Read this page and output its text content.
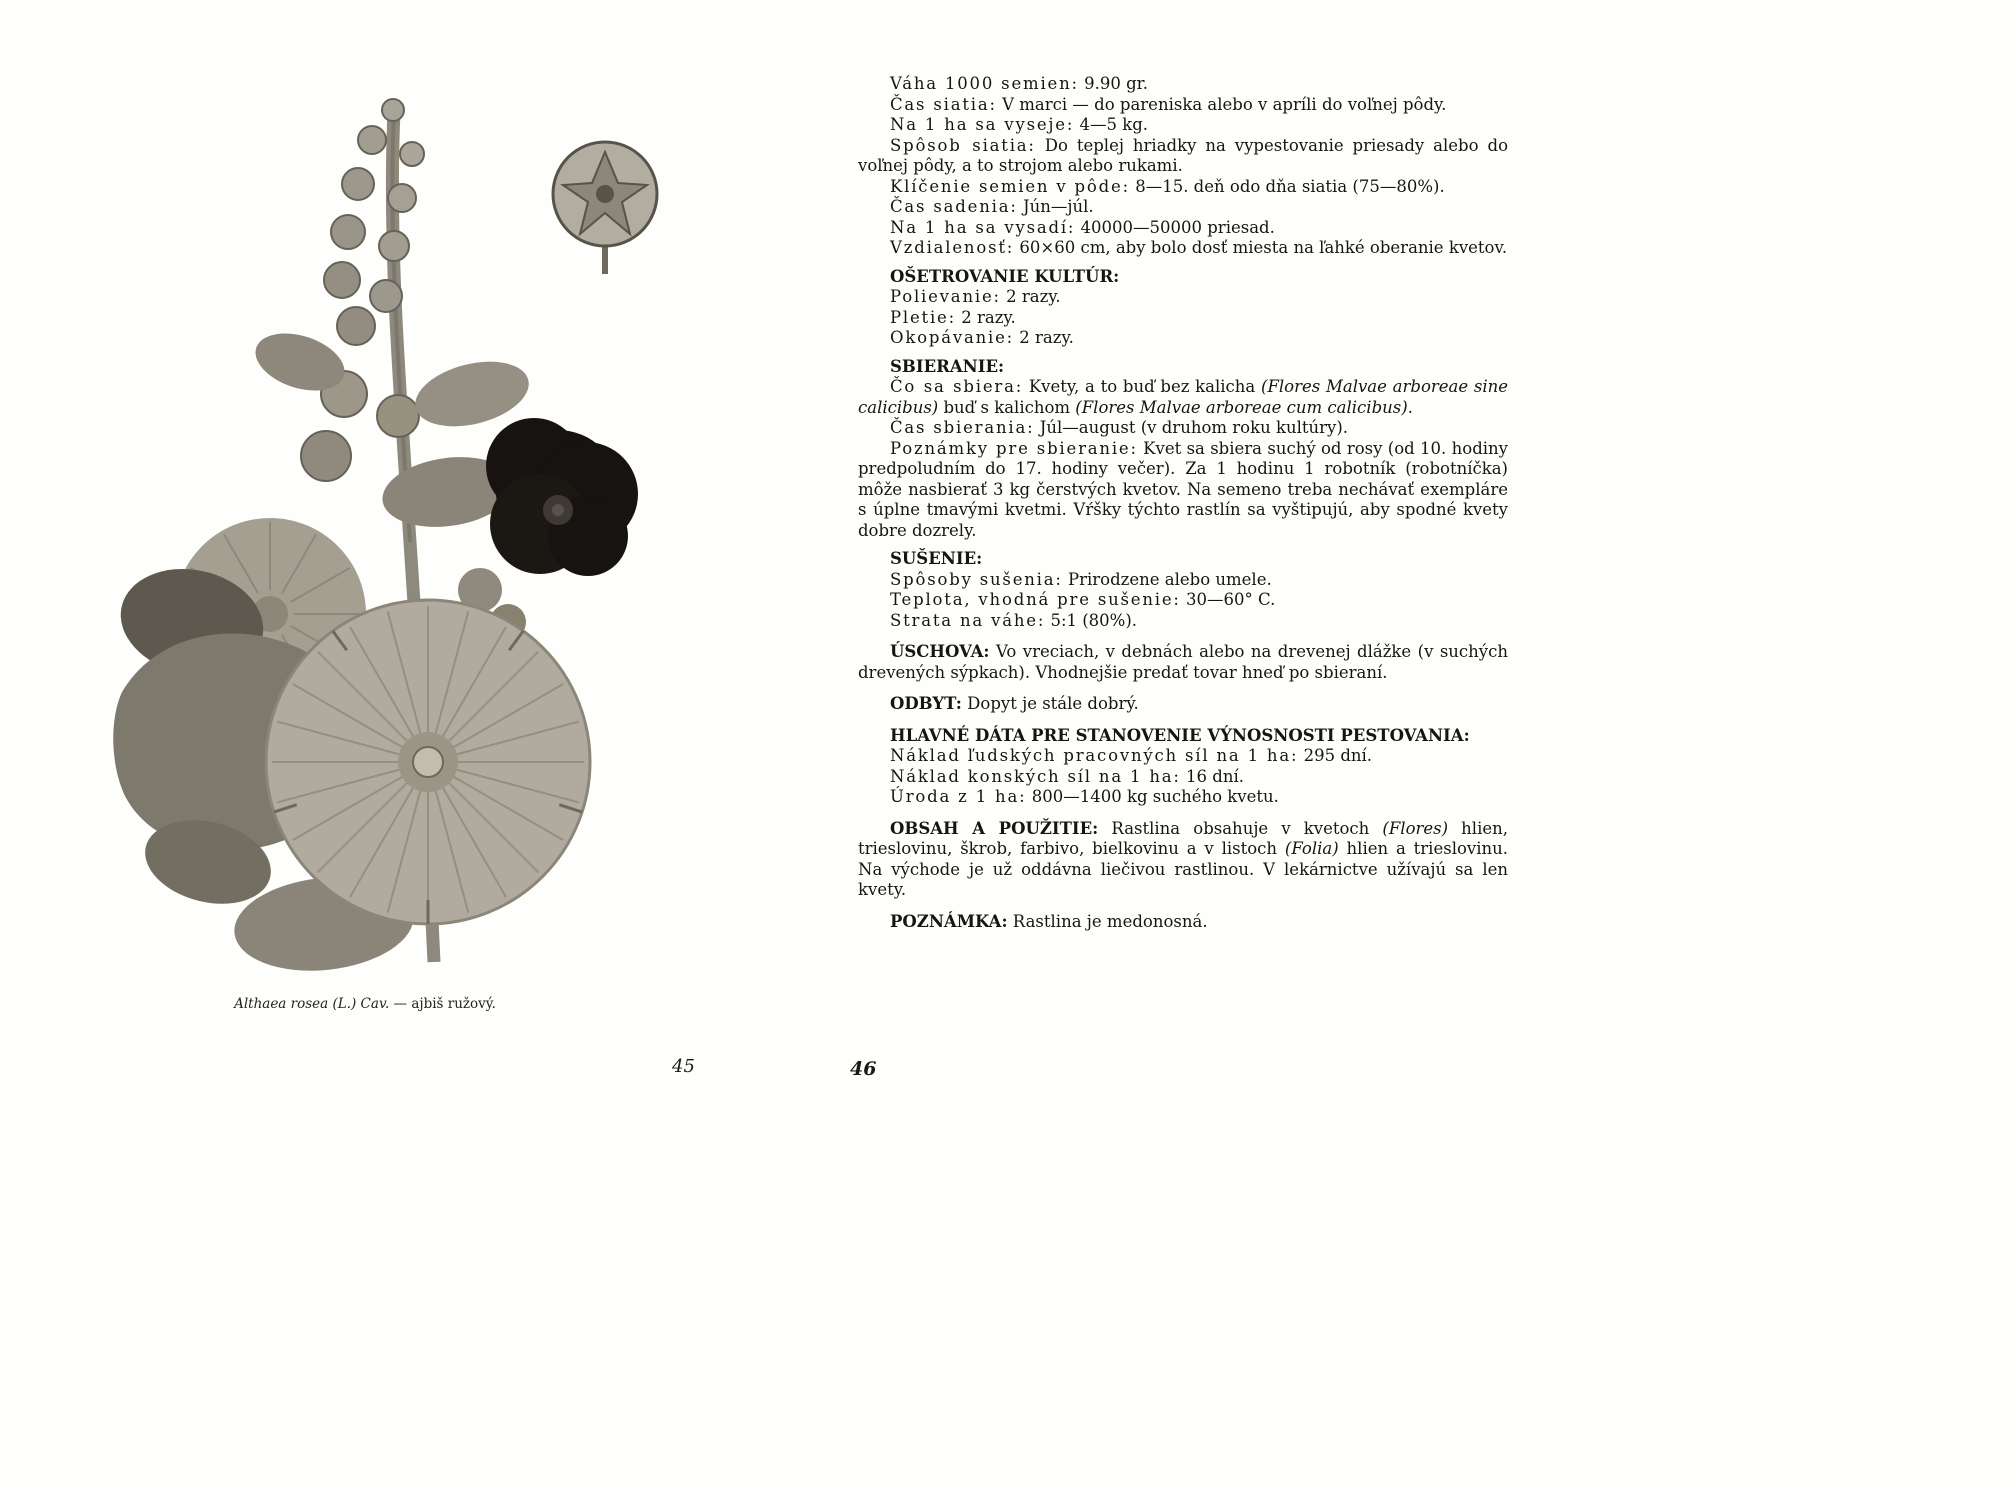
Althaea rosea (L.) Cav. — ajbiš ružový.
45

Váha 1000 semien: 9.90 gr.

Čas siatia: V marci — do pareniska alebo v apríli do voľnej pôdy.

Na 1 ha sa vyseje: 4—5 kg.

Spôsob siatia: Do teplej hriadky na vypestovanie priesady alebo do voľnej pôdy, a to strojom alebo rukami.

Klíčenie semien v pôde: 8—15. deň odo dňa siatia (75—80%).

Čas sadenia: Jún—júl.

Na 1 ha sa vysadí: 40000—50000 priesad.

Vzdialenosť: 60×60 cm, aby bolo dosť miesta na ľahké oberanie kvetov.

OŠETROVANIE KULTÚR:

Polievanie: 2 razy.

Pletie: 2 razy.

Okopávanie: 2 razy.

SBIERANIE:

Čo sa sbiera: Kvety, a to buď bez kalicha (Flores Malvae arboreae sine calicibus) buď s kalichom (Flores Malvae arboreae cum calicibus).

Čas sbierania: Júl—august (v druhom roku kultúry).

Poznámky pre sbieranie: Kvet sa sbiera suchý od rosy (od 10. hodiny predpoludním do 17. hodiny večer). Za 1 hodinu 1 robotník (robotníčka) môže nasbierať 3 kg čerstvých kvetov. Na semeno treba nechávať exempláre s úplne tmavými kvetmi. Vŕšky týchto rastlín sa vyštipujú, aby spodné kvety dobre dozrely.

SUŠENIE:

Spôsoby sušenia: Prirodzene alebo umele.

Teplota, vhodná pre sušenie: 30—60° C.

Strata na váhe: 5:1 (80%).

ÚSCHOVA: Vo vreciach, v debnách alebo na drevenej dlážke (v suchých drevených sýpkach). Vhodnejšie predať tovar hneď po sbieraní.

ODBYT: Dopyt je stále dobrý.

HLAVNÉ DÁTA PRE STANOVENIE VÝNOSNOSTI PESTOVANIA:

Náklad ľudských pracovných síl na 1 ha: 295 dní.

Náklad konských síl na 1 ha: 16 dní.

Úroda z 1 ha: 800—1400 kg suchého kvetu.

OBSAH A POUŽITIE: Rastlina obsahuje v kvetoch (Flores) hlien, trieslovinu, škrob, farbivo, bielkovinu a v listoch (Folia) hlien a trieslovinu. Na východe je už oddávna liečivou rastlinou. V lekárnictve užívajú sa len kvety.

POZNÁMKA: Rastlina je medonosná.

46
